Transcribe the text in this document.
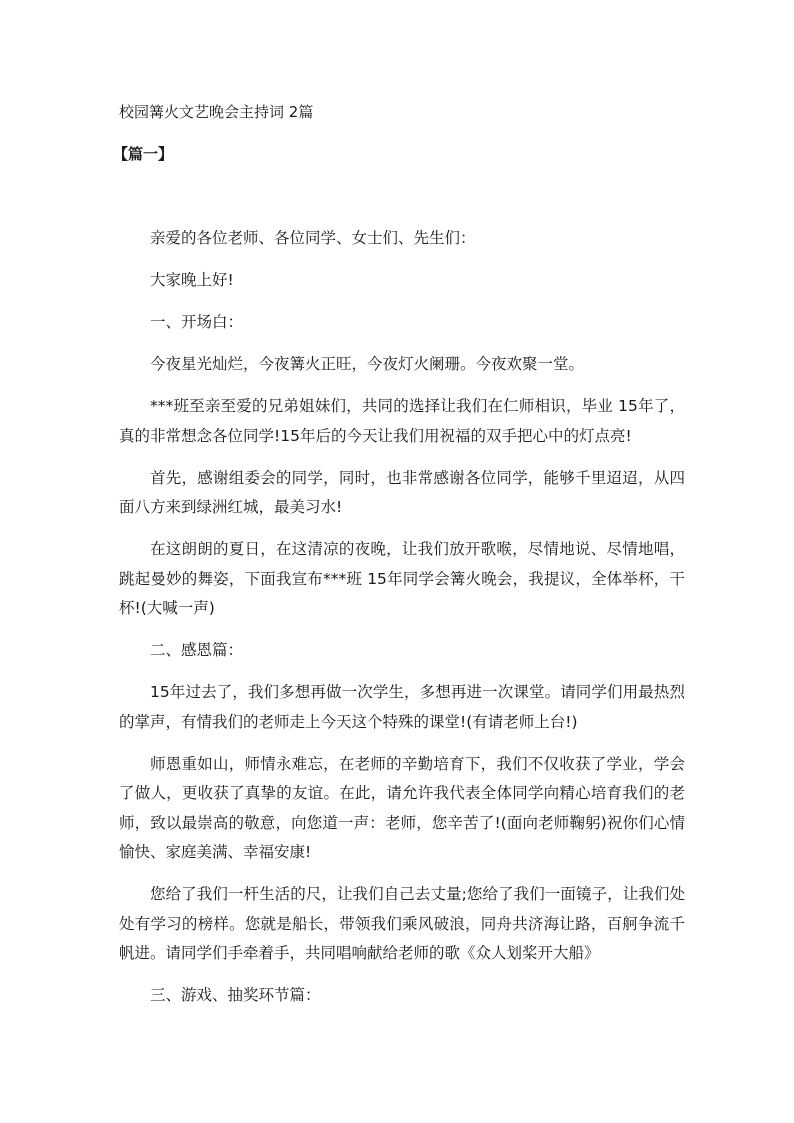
校园篝火文艺晚会主持词 2篇
【篇一】

亲爱的各位老师、各位同学、女士们、先生们：

大家晚上好!

一、开场白：

今夜星光灿烂，今夜篝火正旺，今夜灯火阑珊。今夜欢聚一堂。

***班至亲至爱的兄弟姐妹们，共同的选择让我们在仁师相识，毕业 15年了，真的非常想念各位同学!15年后的今天让我们用祝福的双手把心中的灯点亮!

首先，感谢组委会的同学，同时，也非常感谢各位同学，能够千里迢迢，从四面八方来到绿洲红城，最美习水!

在这朗朗的夏日，在这清凉的夜晚，让我们放开歌喉，尽情地说、尽情地唱，跳起曼妙的舞姿，下面我宣布***班 15年同学会篝火晚会，我提议，全体举杯，干杯!(大喊一声)

二、感恩篇：

15年过去了，我们多想再做一次学生，多想再进一次课堂。请同学们用最热烈的掌声，有情我们的老师走上今天这个特殊的课堂!(有请老师上台!)

师恩重如山，师情永难忘，在老师的辛勤培育下，我们不仅收获了学业，学会了做人，更收获了真挚的友谊。在此，请允许我代表全体同学向精心培育我们的老师，致以最崇高的敬意，向您道一声：老师，您辛苦了!(面向老师鞠躬)祝你们心情愉快、家庭美满、幸福安康!

您给了我们一杆生活的尺，让我们自己去丈量;您给了我们一面镜子，让我们处处有学习的榜样。您就是船长，带领我们乘风破浪，同舟共济海让路，百舸争流千帆进。请同学们手牵着手，共同唱响献给老师的歌《众人划桨开大船》

三、游戏、抽奖环节篇：
